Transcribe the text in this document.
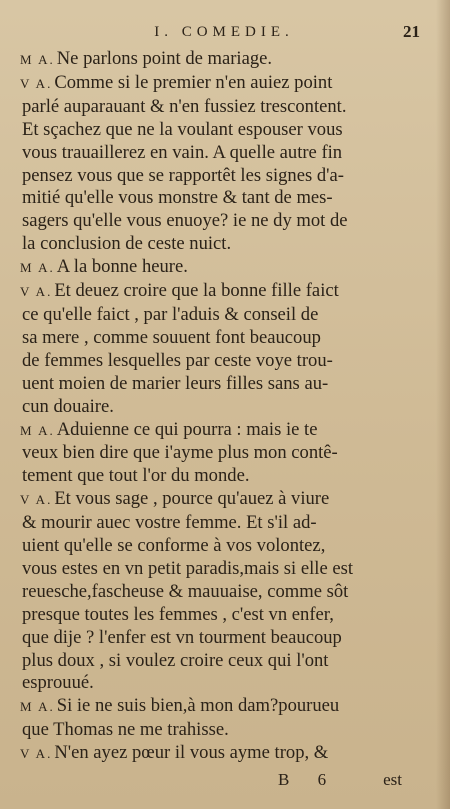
I. COMEDIE.	21
M A. Ne parlons point de mariage.
V A. Comme si le premier n'en auiez point
parlé auparauant & n'en fussiez trescontent.
Et sçachez que ne la voulant espouser vous
vous trauaillerez en vain. A quelle autre fin
pensez vous que se rapportêt les signes d'a-
mitié qu'elle vous monstre & tant de mes-
sagers qu'elle vous enuoye? ie ne dy mot de
la conclusion de ceste nuict.
M A. A la bonne heure.
V A. Et deuez croire que la bonne fille faict
ce qu'elle faict , par l'aduis & conseil de
sa mere , comme souuent font beaucoup
de femmes lesquelles par ceste voye trou-
uent moien de marier leurs filles sans au-
cun douaire.
M A. Aduienne ce qui pourra : mais ie te
veux bien dire que i'ayme plus mon contê-
tement que tout l'or du monde.
V A. Et vous sage , pource qu'auez à viure
& mourir auec vostre femme. Et s'il ad-
uient qu'elle se conforme à vos volontez,
vous estes en vn petit paradis,mais si elle est
reuesche,fascheuse & mauuaise, comme sôt
presque toutes les femmes , c'est vn enfer,
que dije ? l'enfer est vn tourment beaucoup
plus doux , si voulez croire ceux qui l'ont
esprouué.
M A. Si ie ne suis bien,à mon dam?pourueu
que Thomas ne me trahisse.
V A. N'en ayez pœur il vous ayme trop, &
B 6	est
